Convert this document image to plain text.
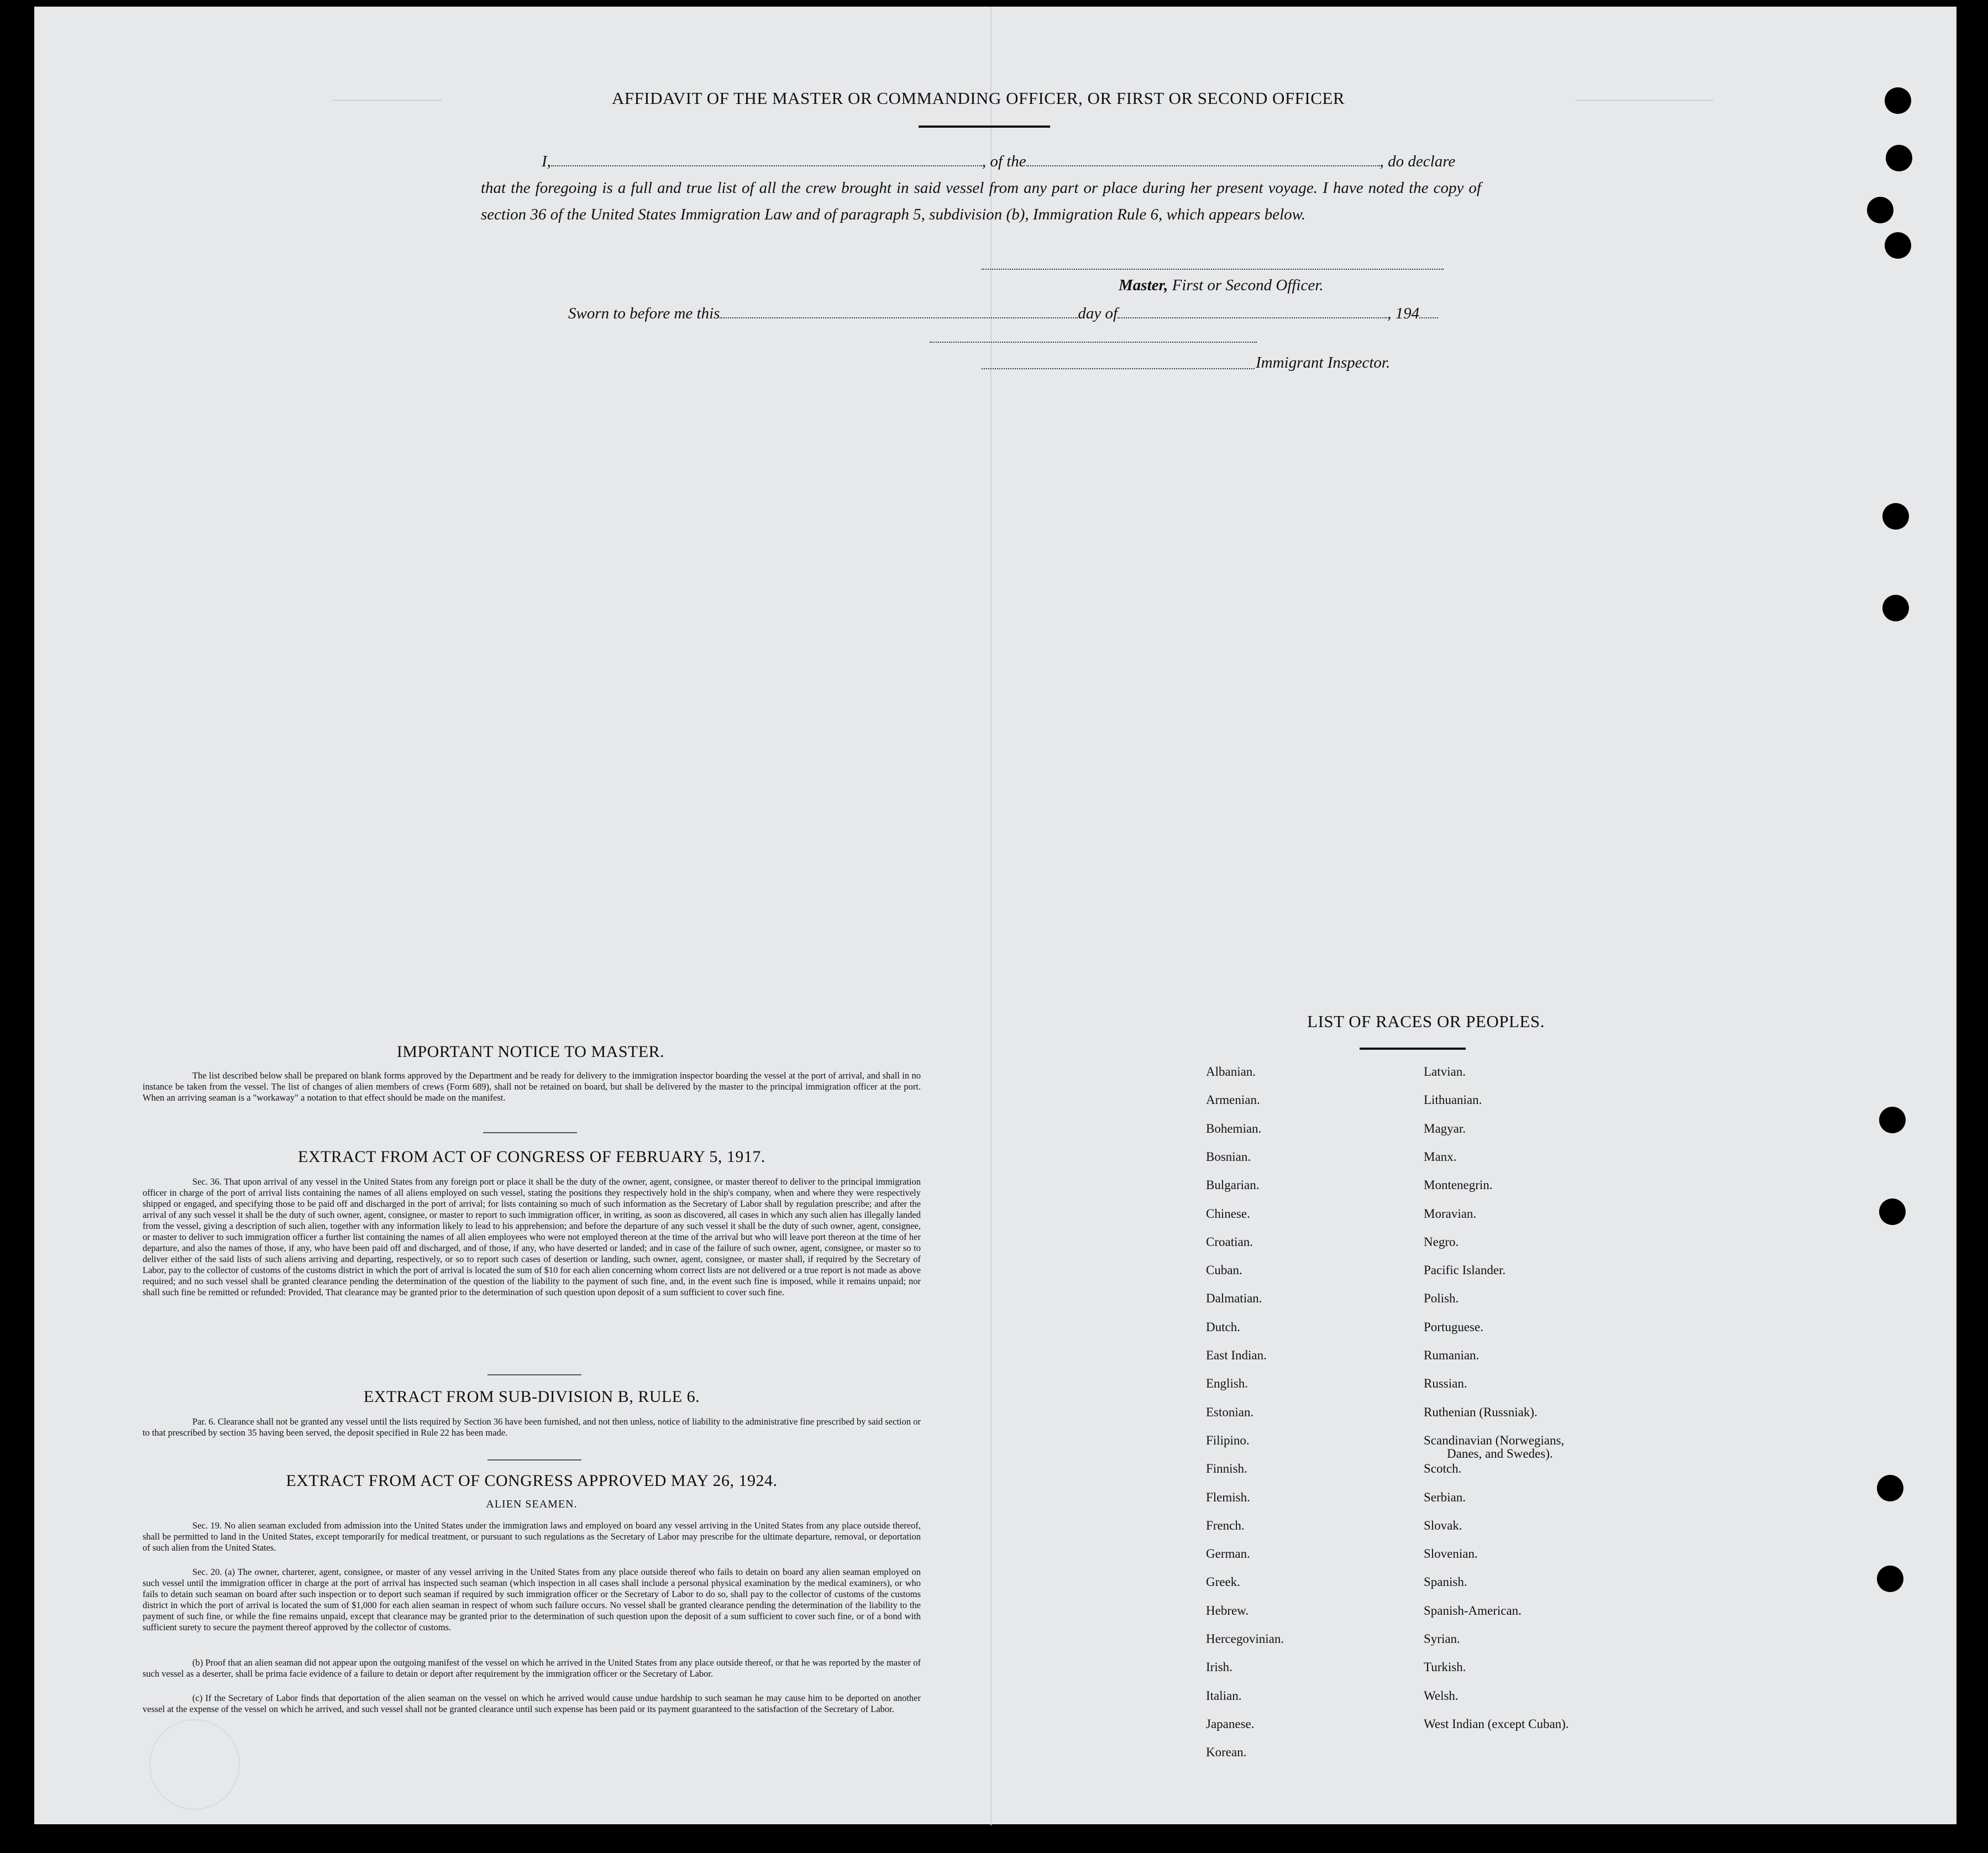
AFFIDAVIT OF THE MASTER OR COMMANDING OFFICER, OR FIRST OR SECOND OFFICER
I,	, of the	, do declare
that the foregoing is a full and true list of all the crew brought in said vessel from any part or place during her present voyage. I have noted the copy of section 36 of the United States Immigration Law and of paragraph 5, subdivision (b), Immigration Rule 6, which appears below.
Master, First or Second Officer.
Sworn to before me this	day of	, 194
Immigrant Inspector.
IMPORTANT NOTICE TO MASTER.
The list described below shall be prepared on blank forms approved by the Department and be ready for delivery to the immigration inspector boarding the vessel at the port of arrival, and shall in no instance be taken from the vessel. The list of changes of alien members of crews (Form 689), shall not be retained on board, but shall be delivered by the master to the principal immigration officer at the port. When an arriving seaman is a "workaway" a notation to that effect should be made on the manifest.
EXTRACT FROM ACT OF CONGRESS OF FEBRUARY 5, 1917.
Sec. 36. That upon arrival of any vessel in the United States from any foreign port or place it shall be the duty of the owner, agent, consignee, or master thereof to deliver to the principal immigration officer in charge of the port of arrival lists containing the names of all aliens employed on such vessel, stating the positions they respectively hold in the ship's company, when and where they were respectively shipped or engaged, and specifying those to be paid off and discharged in the port of arrival; for lists containing so much of such information as the Secretary of Labor shall by regulation prescribe; and after the arrival of any such vessel it shall be the duty of such owner, agent, consignee, or master to report to such immigration officer, in writing, as soon as discovered, all cases in which any such alien has illegally landed from the vessel, giving a description of such alien, together with any information likely to lead to his apprehension; and before the departure of any such vessel it shall be the duty of such owner, agent, consignee, or master to deliver to such immigration officer a further list containing the names of all alien employees who were not employed thereon at the time of the arrival but who will leave port thereon at the time of her departure, and also the names of those, if any, who have been paid off and discharged, and of those, if any, who have deserted or landed; and in case of the failure of such owner, agent, consignee, or master so to deliver either of the said lists of such aliens arriving and departing, respectively, or so to report such cases of desertion or landing, such owner, agent, consignee, or master shall, if required by the Secretary of Labor, pay to the collector of customs of the customs district in which the port of arrival is located the sum of $10 for each alien concerning whom correct lists are not delivered or a true report is not made as above required; and no such vessel shall be granted clearance pending the determination of the question of the liability to the payment of such fine, and, in the event such fine is imposed, while it remains unpaid; nor shall such fine be remitted or refunded: Provided, That clearance may be granted prior to the determination of such question upon deposit of a sum sufficient to cover such fine.
EXTRACT FROM SUB-DIVISION B, RULE 6.
Par. 6. Clearance shall not be granted any vessel until the lists required by Section 36 have been furnished, and not then unless, notice of liability to the administrative fine prescribed by said section or to that prescribed by section 35 having been served, the deposit specified in Rule 22 has been made.
EXTRACT FROM ACT OF CONGRESS APPROVED MAY 26, 1924.
ALIEN SEAMEN.
Sec. 19. No alien seaman excluded from admission into the United States under the immigration laws and employed on board any vessel arriving in the United States from any place outside thereof, shall be permitted to land in the United States, except temporarily for medical treatment, or pursuant to such regulations as the Secretary of Labor may prescribe for the ultimate departure, removal, or deportation of such alien from the United States.
Sec. 20. (a) The owner, charterer, agent, consignee, or master of any vessel arriving in the United States from any place outside thereof who fails to detain on board any alien seaman employed on such vessel until the immigration officer in charge at the port of arrival has inspected such seaman (which inspection in all cases shall include a personal physical examination by the medical examiners), or who fails to detain such seaman on board after such inspection or to deport such seaman if required by such immigration officer or the Secretary of Labor to do so, shall pay to the collector of customs of the customs district in which the port of arrival is located the sum of $1,000 for each alien seaman in respect of whom such failure occurs. No vessel shall be granted clearance pending the determination of the liability to the payment of such fine, or while the fine remains unpaid, except that clearance may be granted prior to the determination of such question upon the deposit of a sum sufficient to cover such fine, or of a bond with sufficient surety to secure the payment thereof approved by the collector of customs.
(b) Proof that an alien seaman did not appear upon the outgoing manifest of the vessel on which he arrived in the United States from any place outside thereof, or that he was reported by the master of such vessel as a deserter, shall be prima facie evidence of a failure to detain or deport after requirement by the immigration officer or the Secretary of Labor.
(c) If the Secretary of Labor finds that deportation of the alien seaman on the vessel on which he arrived would cause undue hardship to such seaman he may cause him to be deported on another vessel at the expense of the vessel on which he arrived, and such vessel shall not be granted clearance until such expense has been paid or its payment guaranteed to the satisfaction of the Secretary of Labor.
LIST OF RACES OR PEOPLES.
Albanian.
Armenian.
Bohemian.
Bosnian.
Bulgarian.
Chinese.
Croatian.
Cuban.
Dalmatian.
Dutch.
East Indian.
English.
Estonian.
Filipino.
Finnish.
Flemish.
French.
German.
Greek.
Hebrew.
Hercegovinian.
Irish.
Italian.
Japanese.
Korean.
Latvian.
Lithuanian.
Magyar.
Manx.
Montenegrin.
Moravian.
Negro.
Pacific Islander.
Polish.
Portuguese.
Rumanian.
Russian.
Ruthenian (Russniak).
Scandinavian (Norwegians,
Danes, and Swedes).
Scotch.
Serbian.
Slovak.
Slovenian.
Spanish.
Spanish-American.
Syrian.
Turkish.
Welsh.
West Indian (except Cuban).
